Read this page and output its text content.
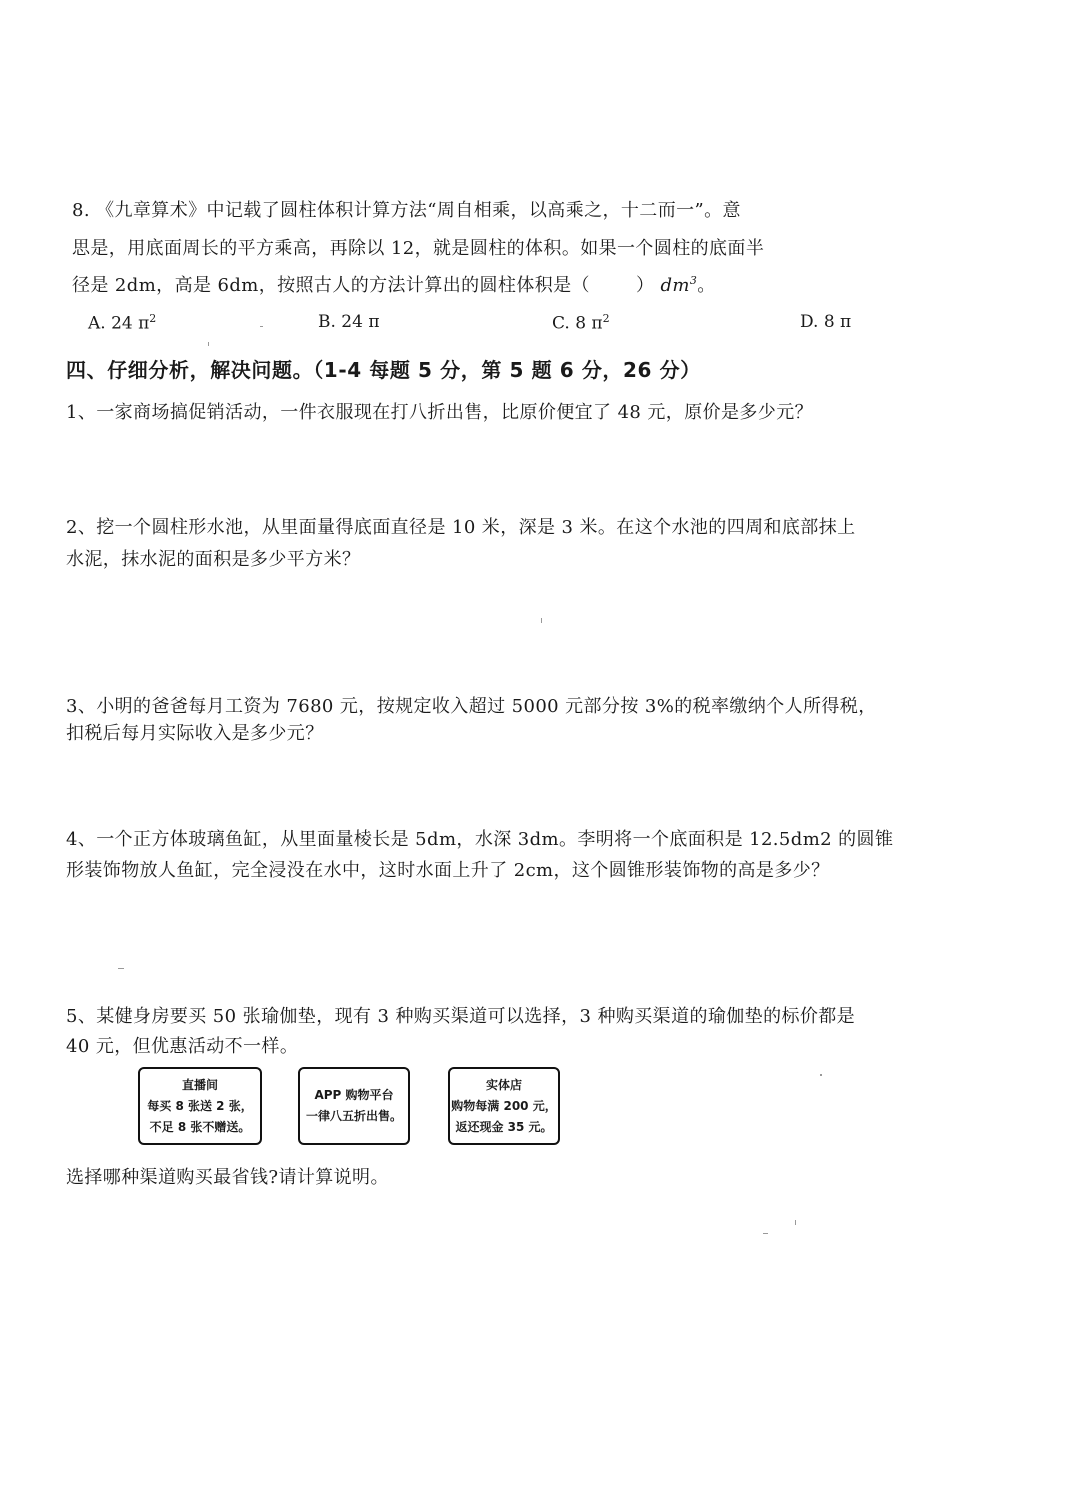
8. 《九章算术》中记载了圆柱体积计算方法“周自相乘，以高乘之，十二而一”。意
思是，用底面周长的平方乘高，再除以 12，就是圆柱的体积。如果一个圆柱的底面半
径是 2dm，高是 6dm，按照古人的方法计算出的圆柱体积是（	） $dm^3$。
A. 24 $\pi^2$	B. 24 π	C. 8 $\pi^2$	D. 8 π
四、仔细分析，解决问题。（1-4 每题 5 分，第 5 题 6 分，26 分）
1、一家商场搞促销活动，一件衣服现在打八折出售，比原价便宜了 48 元，原价是多少元？
2、挖一个圆柱形水池，从里面量得底面直径是 10 米，深是 3 米。在这个水池的四周和底部抹上
水泥，抹水泥的面积是多少平方米？
3、小明的爸爸每月工资为 7680 元，按规定收入超过 5000 元部分按 3%的税率缴纳个人所得税，
扣税后每月实际收入是多少元？
4、一个正方体玻璃鱼缸，从里面量棱长是 5dm，水深 3dm。李明将一个底面积是 12.5dm2 的圆锥
形装饰物放人鱼缸，完全浸没在水中，这时水面上升了 2cm，这个圆锥形装饰物的高是多少？
5、某健身房要买 50 张瑜伽垫，现有 3 种购买渠道可以选择，3 种购买渠道的瑜伽垫的标价都是
40 元，但优惠活动不一样。
直播间
每买 8 张送 2 张，
不足 8 张不赠送。
APP 购物平台
一律八五折出售。
实体店
购物每满 200 元，
返还现金 35 元。
选择哪种渠道购买最省钱?请计算说明。
